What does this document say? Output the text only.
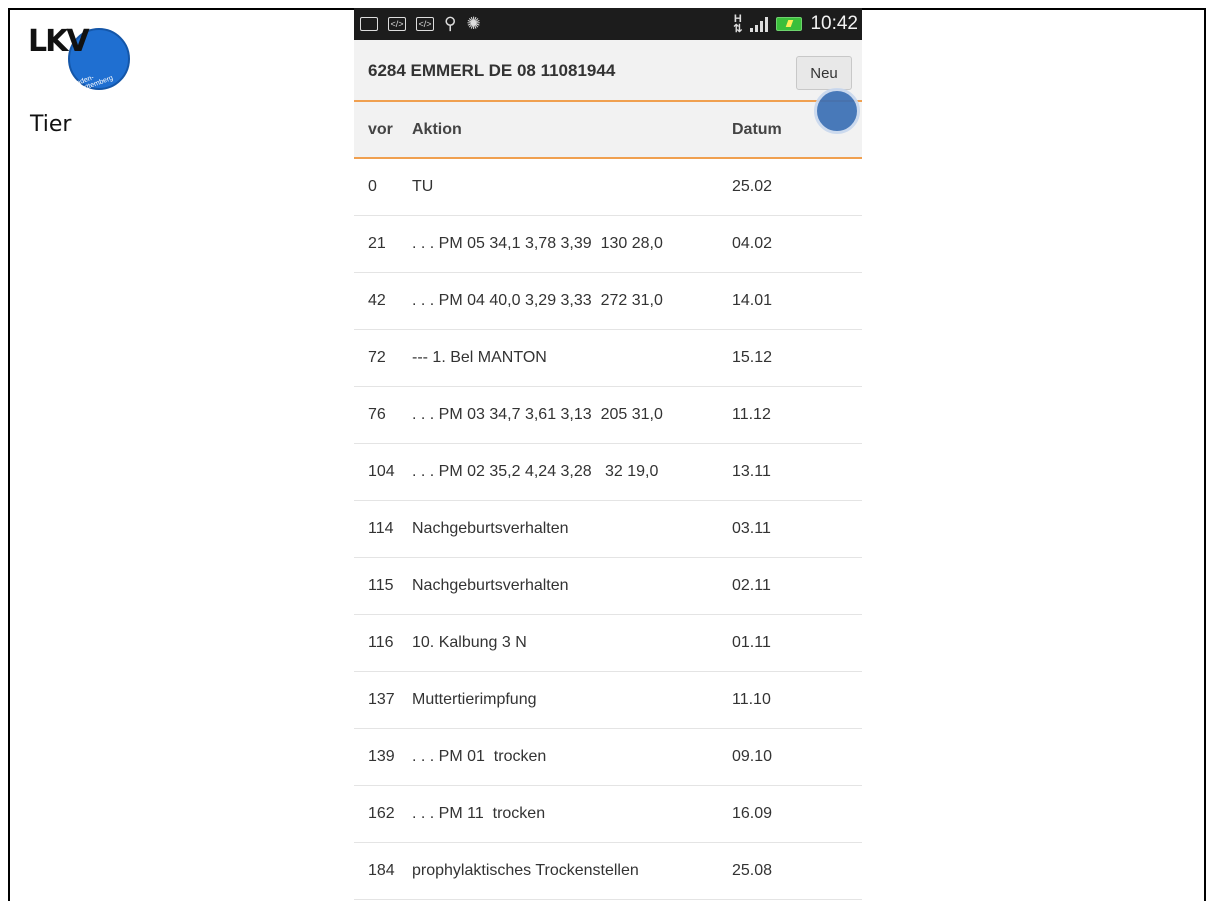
LKV
Baden-Württemberg
Tier
</> </> ⚲ ✺	H
⇅	10:42
6284 EMMERL DE 08 11081944	Neu
vor	Aktion	Datum
0	TU	25.02
21	. . . PM 05 34,1 3,78 3,39  130 28,0	04.02
42	. . . PM 04 40,0 3,29 3,33  272 31,0	14.01
72	--- 1. Bel MANTON	15.12
76	. . . PM 03 34,7 3,61 3,13  205 31,0	11.12
104	. . . PM 02 35,2 4,24 3,28   32 19,0	13.11
114	Nachgeburtsverhalten	03.11
115	Nachgeburtsverhalten	02.11
116	10. Kalbung 3 N	01.11
137	Muttertierimpfung	11.10
139	. . . PM 01  trocken	09.10
162	. . . PM 11  trocken	16.09
184	prophylaktisches Trockenstellen	25.08
